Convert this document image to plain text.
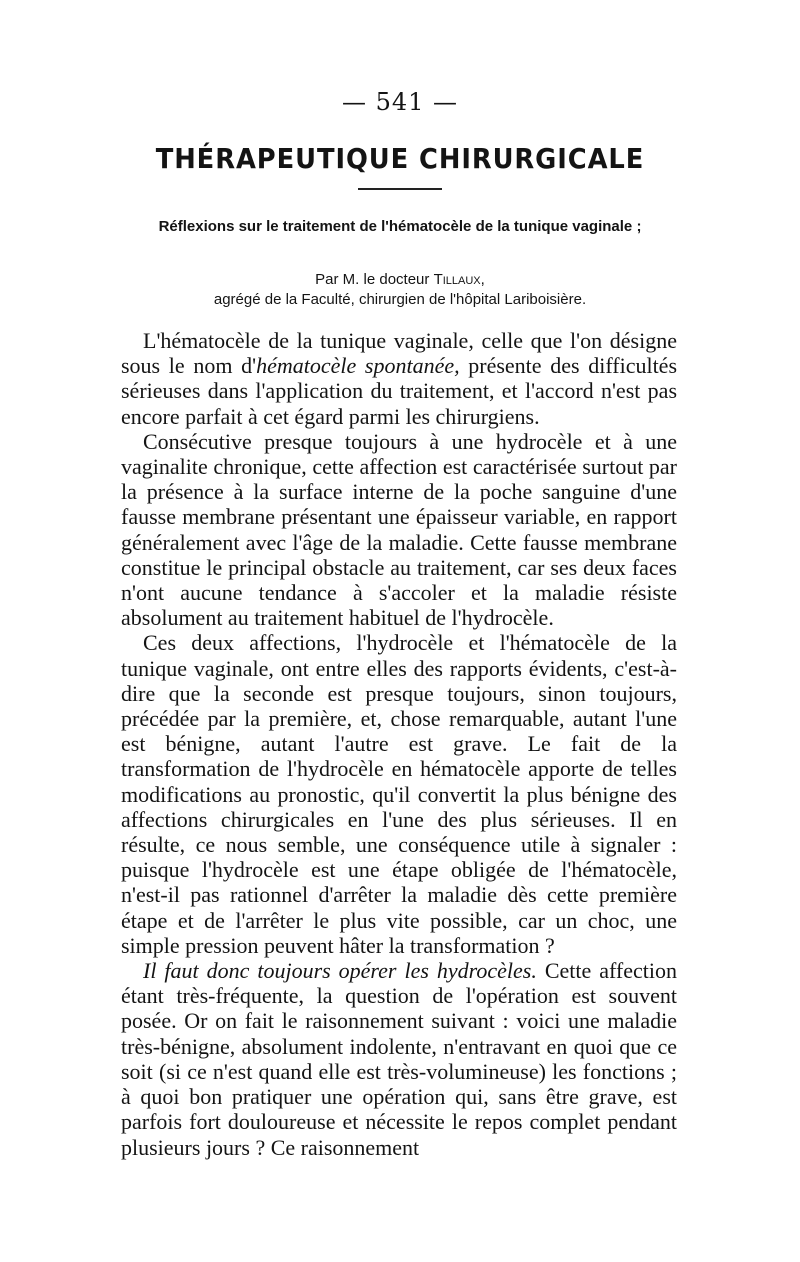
— 541 —
THÉRAPEUTIQUE CHIRURGICALE
Réflexions sur le traitement de l'hématocèle de la tunique vaginale ;
Par M. le docteur Tillaux,
agrégé de la Faculté, chirurgien de l'hôpital Lariboisière.

L'hématocèle de la tunique vaginale, celle que l'on désigne sous le nom d'hématocèle spontanée, présente des difficultés sérieuses dans l'application du traitement, et l'accord n'est pas encore parfait à cet égard parmi les chirurgiens.

Consécutive presque toujours à une hydrocèle et à une vaginalite chronique, cette affection est caractérisée surtout par la présence à la surface interne de la poche sanguine d'une fausse membrane présentant une épaisseur variable, en rapport généralement avec l'âge de la maladie. Cette fausse membrane constitue le principal obstacle au traitement, car ses deux faces n'ont aucune tendance à s'accoler et la maladie résiste absolument au traitement habituel de l'hydrocèle.

Ces deux affections, l'hydrocèle et l'hématocèle de la tunique vaginale, ont entre elles des rapports évidents, c'est-à-dire que la seconde est presque toujours, sinon toujours, précédée par la première, et, chose remarquable, autant l'une est bénigne, autant l'autre est grave. Le fait de la transformation de l'hydrocèle en hématocèle apporte de telles modifications au pronostic, qu'il convertit la plus bénigne des affections chirurgicales en l'une des plus sérieuses. Il en résulte, ce nous semble, une conséquence utile à signaler : puisque l'hydrocèle est une étape obligée de l'hématocèle, n'est-il pas rationnel d'arrêter la maladie dès cette première étape et de l'arrêter le plus vite possible, car un choc, une simple pression peuvent hâter la transformation ?

Il faut donc toujours opérer les hydrocèles. Cette affection étant très-fréquente, la question de l'opération est souvent posée. Or on fait le raisonnement suivant : voici une maladie très-bénigne, absolument indolente, n'entravant en quoi que ce soit (si ce n'est quand elle est très-volumineuse) les fonctions ; à quoi bon pratiquer une opération qui, sans être grave, est parfois fort douloureuse et nécessite le repos complet pendant plusieurs jours ? Ce raisonnement
